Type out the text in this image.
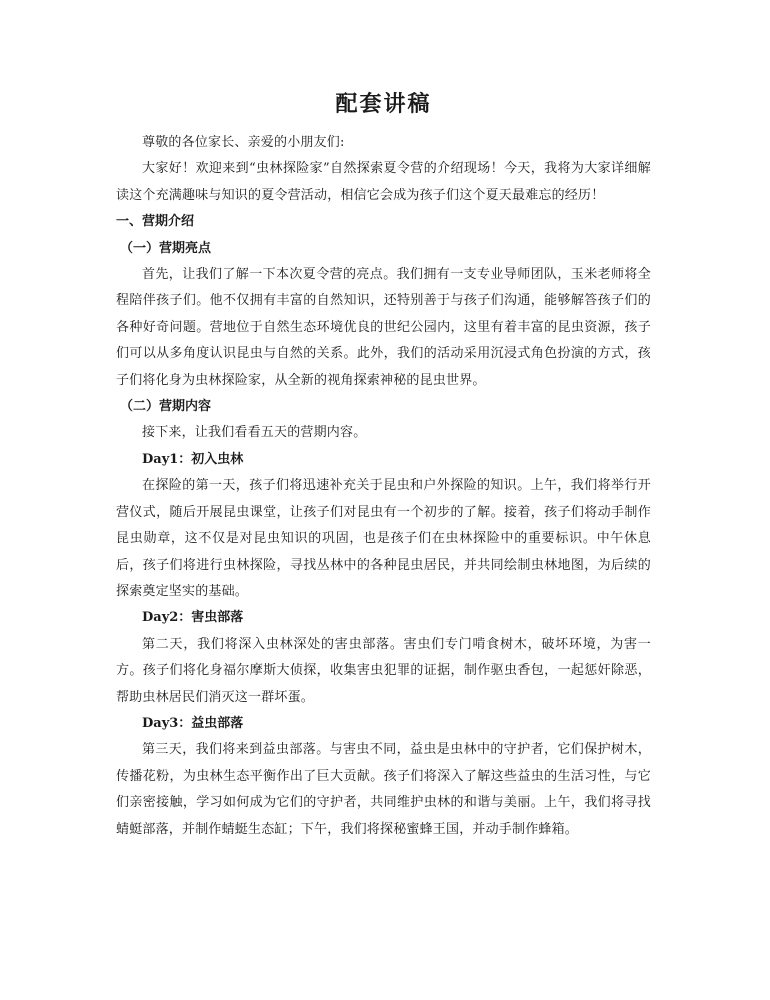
配套讲稿

尊敬的各位家长、亲爱的小朋友们:

大家好！欢迎来到“虫林探险家”自然探索夏令营的介绍现场！今天，我将为大家详细解读这个充满趣味与知识的夏令营活动，相信它会成为孩子们这个夏天最难忘的经历！

一、营期介绍

（一）营期亮点

首先，让我们了解一下本次夏令营的亮点。我们拥有一支专业导师团队，玉米老师将全程陪伴孩子们。他不仅拥有丰富的自然知识，还特别善于与孩子们沟通，能够解答孩子们的各种好奇问题。营地位于自然生态环境优良的世纪公园内，这里有着丰富的昆虫资源，孩子们可以从多角度认识昆虫与自然的关系。此外，我们的活动采用沉浸式角色扮演的方式，孩子们将化身为虫林探险家，从全新的视角探索神秘的昆虫世界。

（二）营期内容

接下来，让我们看看五天的营期内容。

Day1：初入虫林

在探险的第一天，孩子们将迅速补充关于昆虫和户外探险的知识。上午，我们将举行开营仪式，随后开展昆虫课堂，让孩子们对昆虫有一个初步的了解。接着，孩子们将动手制作昆虫勋章，这不仅是对昆虫知识的巩固，也是孩子们在虫林探险中的重要标识。中午休息后，孩子们将进行虫林探险，寻找丛林中的各种昆虫居民，并共同绘制虫林地图，为后续的探索奠定坚实的基础。

Day2：害虫部落

第二天，我们将深入虫林深处的害虫部落。害虫们专门啃食树木，破坏环境，为害一方。孩子们将化身福尔摩斯大侦探，收集害虫犯罪的证据，制作驱虫香包，一起惩奸除恶，帮助虫林居民们消灭这一群坏蛋。

Day3：益虫部落

第三天，我们将来到益虫部落。与害虫不同，益虫是虫林中的守护者，它们保护树木，传播花粉，为虫林生态平衡作出了巨大贡献。孩子们将深入了解这些益虫的生活习性，与它们亲密接触，学习如何成为它们的守护者，共同维护虫林的和谐与美丽。上午，我们将寻找蜻蜓部落，并制作蜻蜓生态缸；下午，我们将探秘蜜蜂王国，并动手制作蜂箱。
